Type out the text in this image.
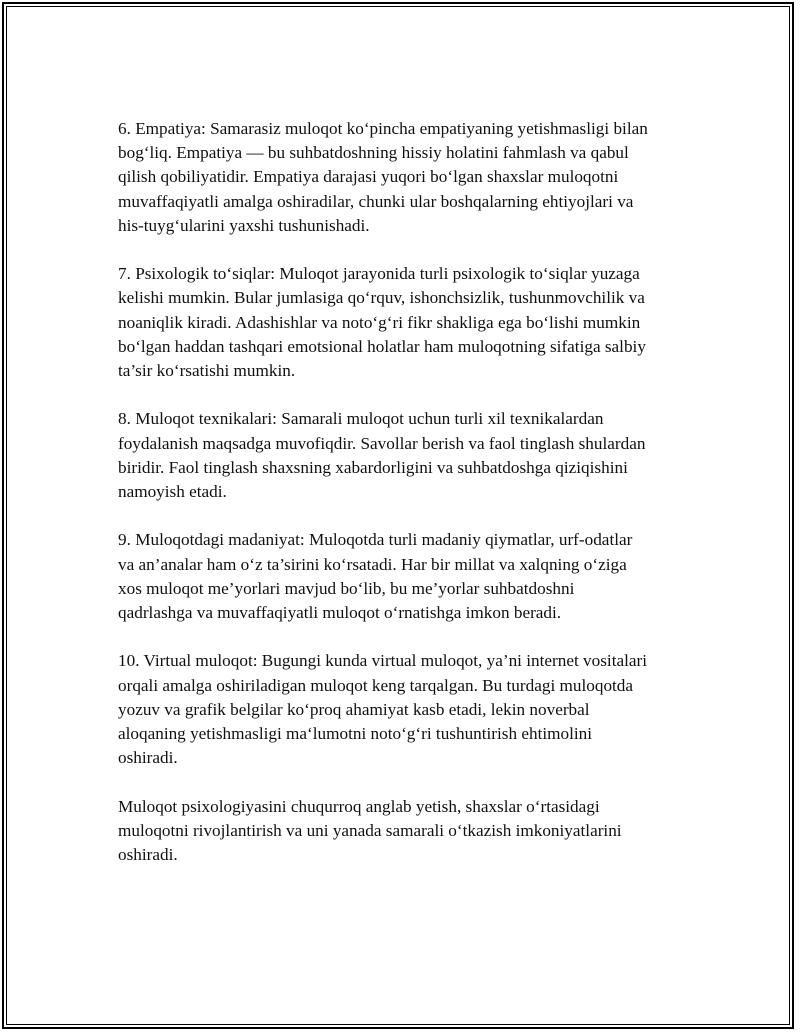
6. Empatiya: Samarasiz muloqot ko‘pincha empatiyaning yetishmasligi bilan
bog‘liq. Empatiya — bu suhbatdoshning hissiy holatini fahmlash va qabul
qilish qobiliyatidir. Empatiya darajasi yuqori bo‘lgan shaxslar muloqotni
muvaffaqiyatli amalga oshiradilar, chunki ular boshqalarning ehtiyojlari va
his-tuyg‘ularini yaxshi tushunishadi.

7. Psixologik to‘siqlar: Muloqot jarayonida turli psixologik to‘siqlar yuzaga
kelishi mumkin. Bular jumlasiga qo‘rquv, ishonchsizlik, tushunmovchilik va
noaniqlik kiradi. Adashishlar va noto‘g‘ri fikr shakliga ega bo‘lishi mumkin
bo‘lgan haddan tashqari emotsional holatlar ham muloqotning sifatiga salbiy
ta’sir ko‘rsatishi mumkin.

8. Muloqot texnikalari: Samarali muloqot uchun turli xil texnikalardan
foydalanish maqsadga muvofiqdir. Savollar berish va faol tinglash shulardan
biridir. Faol tinglash shaxsning xabardorligini va suhbatdoshga qiziqishini
namoyish etadi.

9. Muloqotdagi madaniyat: Muloqotda turli madaniy qiymatlar, urf-odatlar
va an’analar ham o‘z ta’sirini ko‘rsatadi. Har bir millat va xalqning o‘ziga
xos muloqot me’yorlari mavjud bo‘lib, bu me’yorlar suhbatdoshni
qadrlashga va muvaffaqiyatli muloqot o‘rnatishga imkon beradi.

10. Virtual muloqot: Bugungi kunda virtual muloqot, ya’ni internet vositalari
orqali amalga oshiriladigan muloqot keng tarqalgan. Bu turdagi muloqotda
yozuv va grafik belgilar ko‘proq ahamiyat kasb etadi, lekin noverbal
aloqaning yetishmasligi ma‘lumotni noto‘g‘ri tushuntirish ehtimolini
oshiradi.

Muloqot psixologiyasini chuqurroq anglab yetish, shaxslar o‘rtasidagi
muloqotni rivojlantirish va uni yanada samarali o‘tkazish imkoniyatlarini
oshiradi.
